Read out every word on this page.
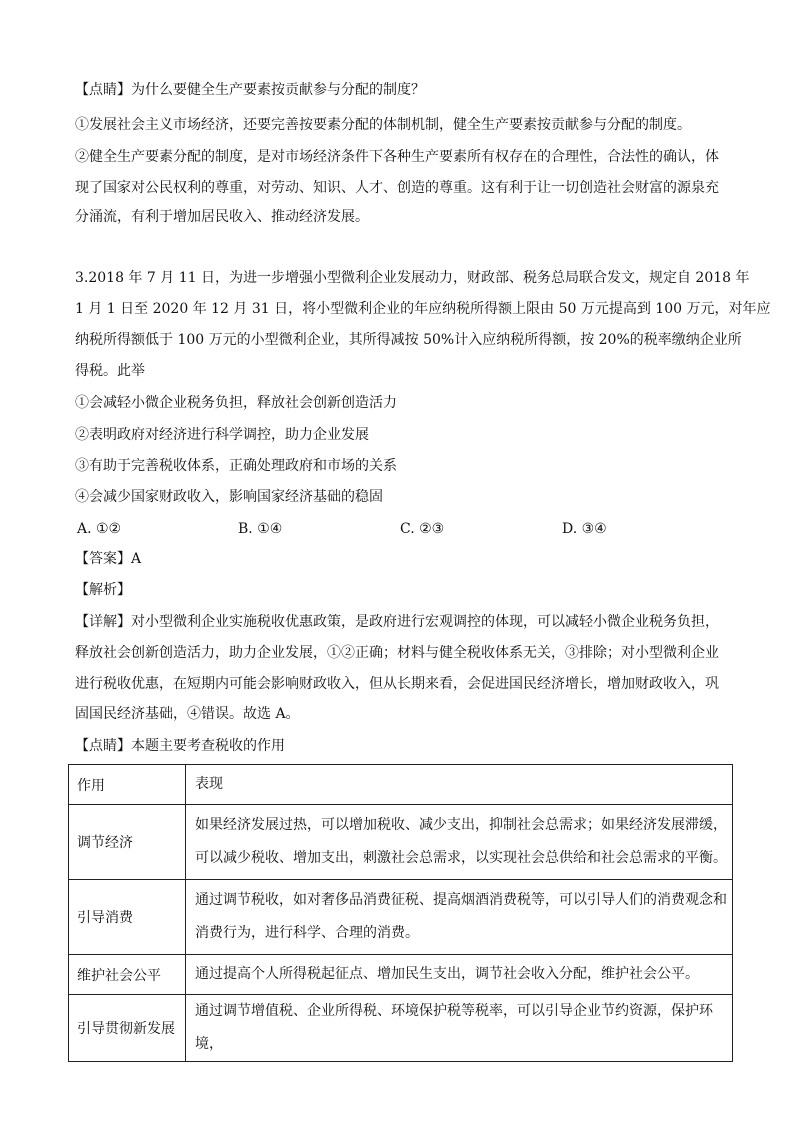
【点睛】为什么要健全生产要素按贡献参与分配的制度？
①发展社会主义市场经济，还要完善按要素分配的体制机制，健全生产要素按贡献参与分配的制度。
②健全生产要素分配的制度，是对市场经济条件下各种生产要素所有权存在的合理性，合法性的确认，体
现了国家对公民权利的尊重，对劳动、知识、人才、创造的尊重。这有利于让一切创造社会财富的源泉充
分涌流，有利于增加居民收入、推动经济发展。
3.2018 年 7 月 11 日，为进一步增强小型微利企业发展动力，财政部、税务总局联合发文，规定自 2018 年
1 月 1 日至 2020 年 12 月 31 日，将小型微利企业的年应纳税所得额上限由 50 万元提高到 100 万元，对年应
纳税所得额低于 100 万元的小型微利企业，其所得减按 50%计入应纳税所得额，按 20%的税率缴纳企业所
得税。此举
①会减轻小微企业税务负担，释放社会创新创造活力
②表明政府对经济进行科学调控，助力企业发展
③有助于完善税收体系，正确处理政府和市场的关系
④会减少国家财政收入，影响国家经济基础的稳固
A. ①②	B. ①④	C. ②③	D. ③④
【答案】A
【解析】
【详解】对小型微利企业实施税收优惠政策，是政府进行宏观调控的体现，可以减轻小微企业税务负担，
释放社会创新创造活力，助力企业发展，①②正确；材料与健全税收体系无关，③排除；对小型微利企业
进行税收优惠，在短期内可能会影响财政收入，但从长期来看，会促进国民经济增长，增加财政收入，巩
固国民经济基础，④错误。故选 A。
【点睛】本题主要考查税收的作用
作用	表现
调节经济	如果经济发展过热，可以增加税收、减少支出，抑制社会总需求；如果经济发展滞缓，
可以减少税收、增加支出，刺激社会总需求，以实现社会总供给和社会总需求的平衡。

引导消费	通过调节税收，如对奢侈品消费征税、提高烟酒消费税等，可以引导人们的消费观念和
消费行为，进行科学、合理的消费。

维护社会公平	通过提高个人所得税起征点、增加民生支出，调节社会收入分配，维护社会公平。

引导贯彻新发展	通过调节增值税、企业所得税、环境保护税等税率，可以引导企业节约资源，保护环境，
